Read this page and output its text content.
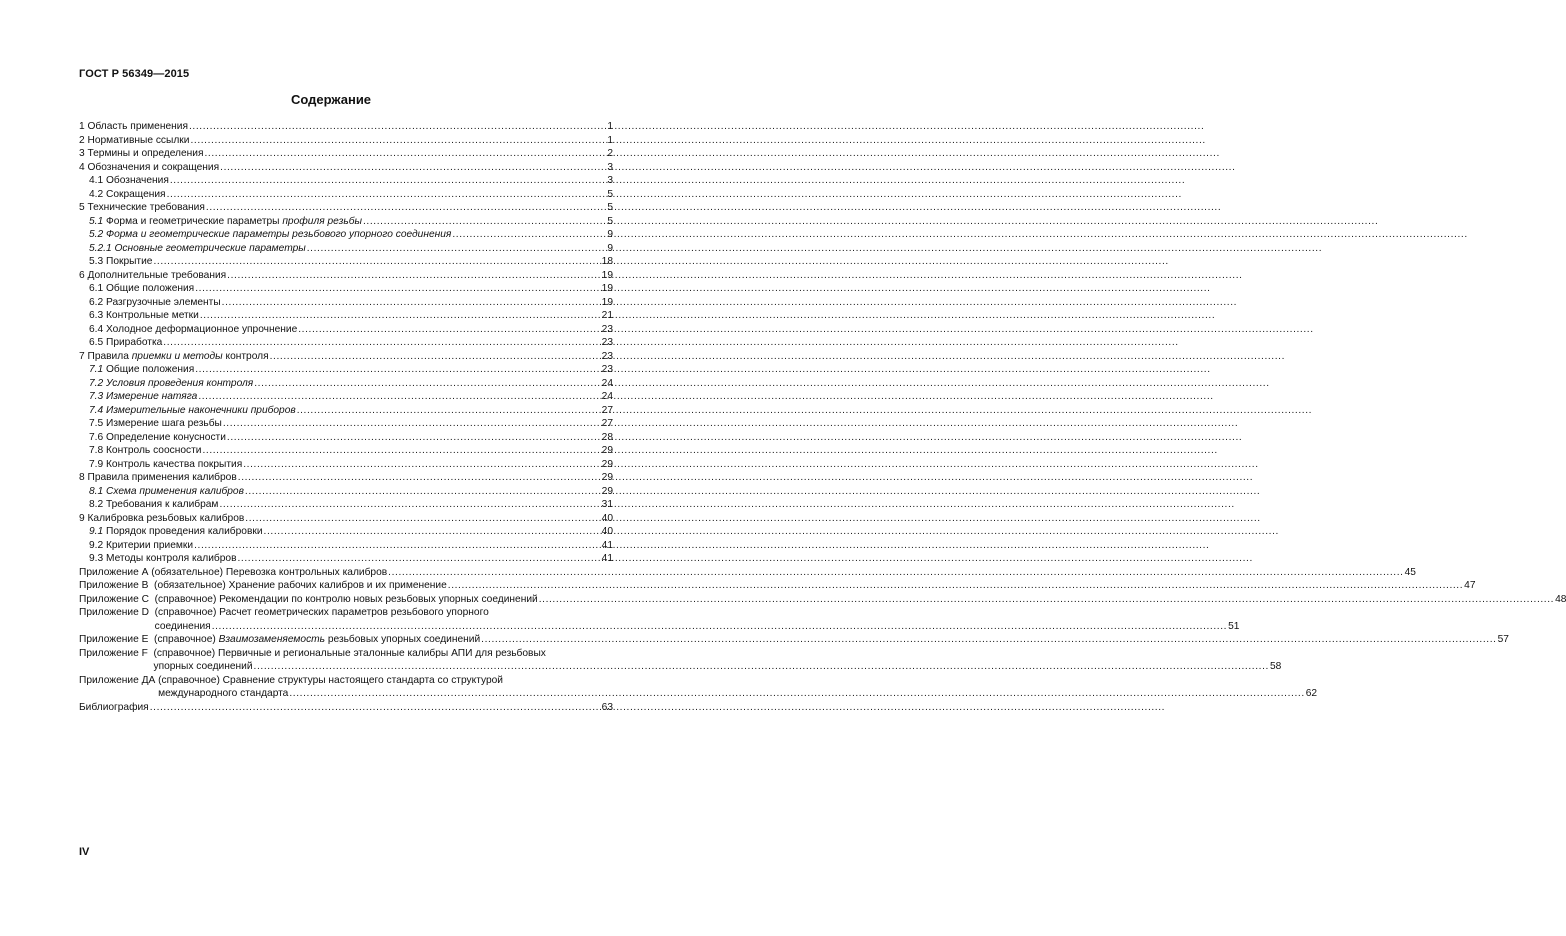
ГОСТ Р 56349—2015
Содержание
1 Область применения .....	1
2 Нормативные ссылки .....	1
3 Термины и определения .....	2
4 Обозначения и сокращения .....	3
4.1 Обозначения .....	3
4.2 Сокращения .....	5
5 Технические требования .....	5
5.1 Форма и геометрические параметры профиля резьбы .....	5
5.2 Форма и геометрические параметры резьбового упорного соединения .....	9
5.2.1 Основные геометрические параметры .....	9
5.3 Покрытие .....	18
6 Дополнительные требования .....	19
6.1 Общие положения .....	19
6.2 Разгрузочные элементы .....	19
6.3 Контрольные метки .....	21
6.4 Холодное деформационное упрочнение .....	23
6.5 Приработка .....	23
7 Правила приемки и методы контроля .....	23
7.1 Общие положения .....	23
7.2 Условия проведения контроля .....	24
7.3 Измерение натяга .....	24
7.4 Измерительные наконечники приборов .....	27
7.5 Измерение шага резьбы .....	27
7.6 Определение конусности .....	28
7.8 Контроль соосности .....	29
7.9 Контроль качества покрытия .....	29
8 Правила применения калибров .....	29
8.1 Схема применения калибров .....	29
8.2 Требования к калибрам .....	31
9 Калибровка резьбовых калибров .....	40
9.1 Порядок проведения калибровки .....	40
9.2 Критерии приемки .....	41
9.3 Методы контроля калибров .....	41
Приложение А (обязательное) Перевозка контрольных калибров .....	45
Приложение В (обязательное) Хранение рабочих калибров и их применение .....	47
Приложение С (справочное) Рекомендации по контролю новых резьбовых упорных соединений .....	48
Приложение D (справочное) Расчет геометрических параметров резьбового упорного
соединения .....	51
Приложение Е (справочное) Взаимозаменяемость резьбовых упорных соединений .....	57
Приложение F (справочное) Первичные и региональные эталонные калибры АПИ для резьбовых
упорных соединений .....	58
Приложение ДА (справочное) Сравнение структуры настоящего стандарта со структурой
международного стандарта .....	62
Библиография .....	63
IV
